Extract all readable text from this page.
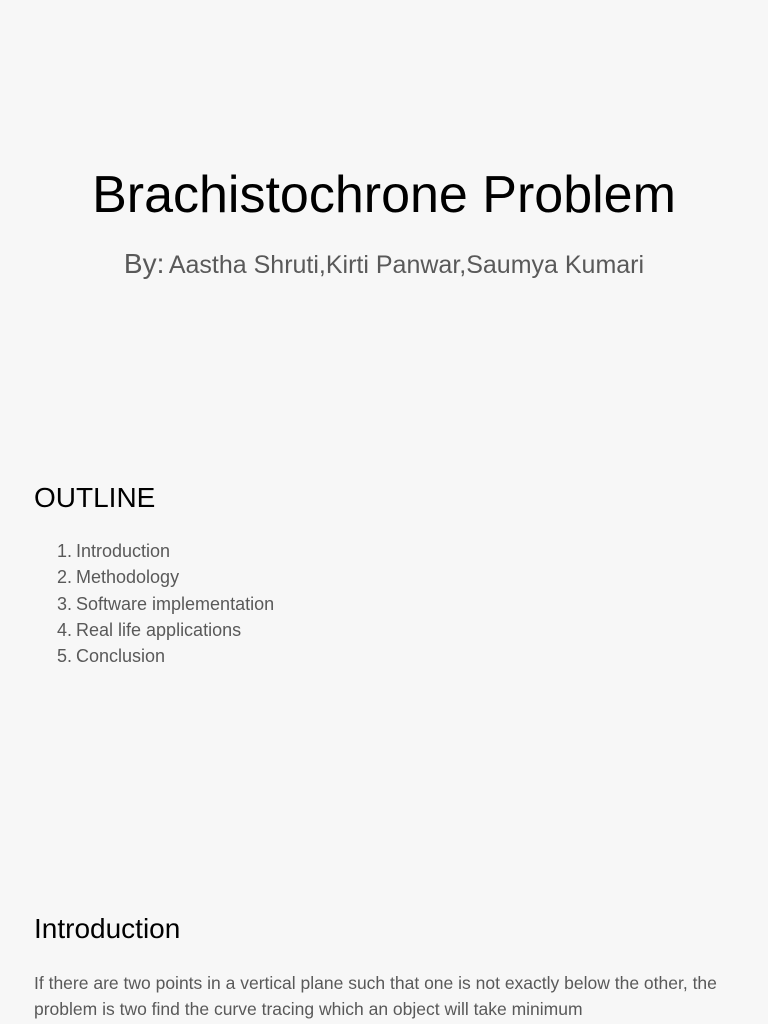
Brachistochrone Problem
By: Aastha Shruti,Kirti Panwar,Saumya Kumari
OUTLINE
1. Introduction
2. Methodology
3. Software implementation
4. Real life applications
5. Conclusion
Introduction
If there are two points in a vertical plane such that one is not exactly below the other, the problem is two find the curve tracing which an object will take minimum
